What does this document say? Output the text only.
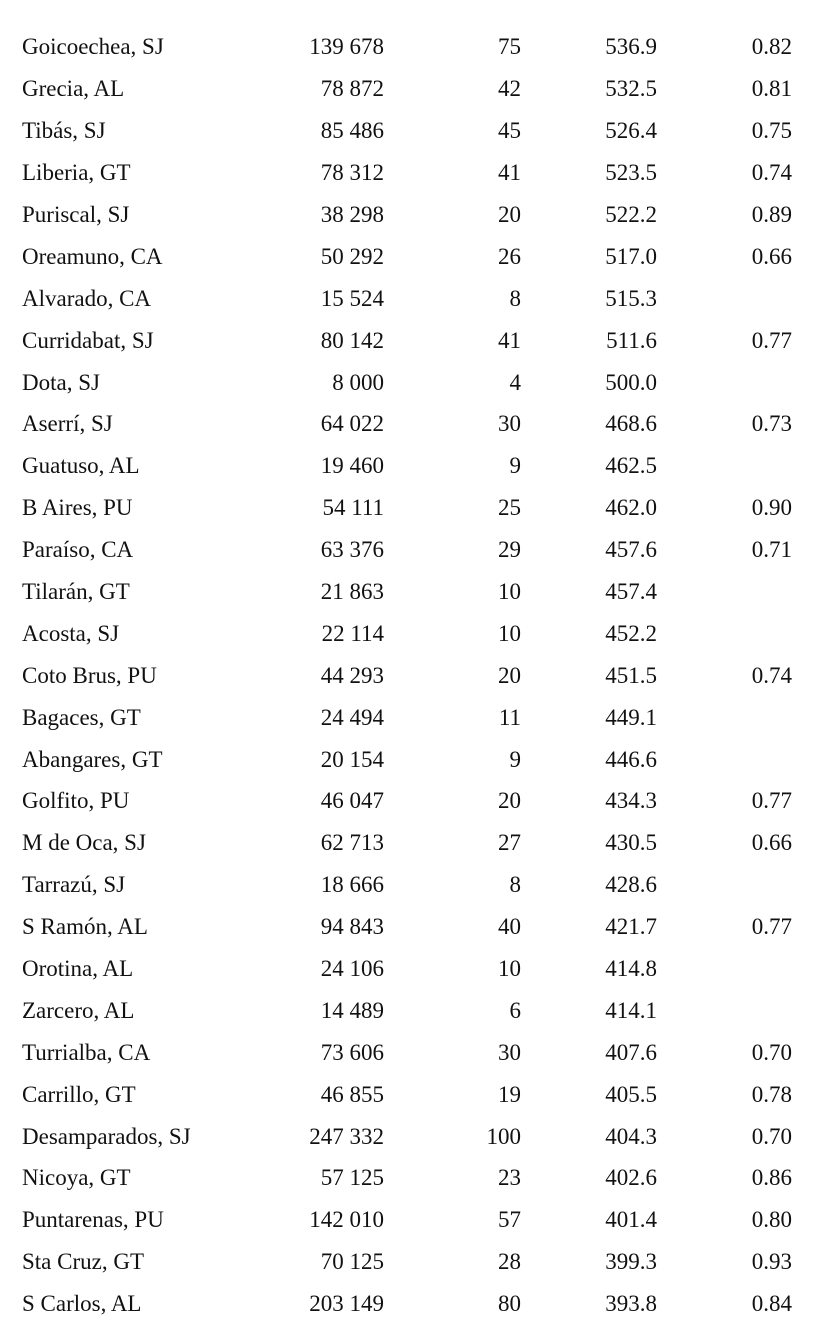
Goicoechea, SJ	139 678	75	536.9	0.82	
Grecia, AL	78 872	42	532.5	0.81	
Tibás, SJ	85 486	45	526.4	0.75	
Liberia, GT	78 312	41	523.5	0.74	
Puriscal, SJ	38 298	20	522.2	0.89	
Oreamuno, CA	50 292	26	517.0	0.66	
Alvarado, CA	15 524	8	515.3		
Curridabat, SJ	80 142	41	511.6	0.77	
Dota, SJ	8 000	4	500.0		
Aserrí, SJ	64 022	30	468.6	0.73	
Guatuso, AL	19 460	9	462.5		
B Aires, PU	54 111	25	462.0	0.90	
Paraíso, CA	63 376	29	457.6	0.71	
Tilarán, GT	21 863	10	457.4		
Acosta, SJ	22 114	10	452.2		
Coto Brus, PU	44 293	20	451.5	0.74	
Bagaces, GT	24 494	11	449.1		
Abangares, GT	20 154	9	446.6		
Golfito, PU	46 047	20	434.3	0.77	
M de Oca, SJ	62 713	27	430.5	0.66	
Tarrazú, SJ	18 666	8	428.6		
S Ramón, AL	94 843	40	421.7	0.77	
Orotina, AL	24 106	10	414.8		
Zarcero, AL	14 489	6	414.1		
Turrialba, CA	73 606	30	407.6	0.70	
Carrillo, GT	46 855	19	405.5	0.78	
Desamparados, SJ	247 332	100	404.3	0.70	
Nicoya, GT	57 125	23	402.6	0.86	
Puntarenas, PU	142 010	57	401.4	0.80	
Sta Cruz, GT	70 125	28	399.3	0.93	
S Carlos, AL	203 149	80	393.8	0.84	
